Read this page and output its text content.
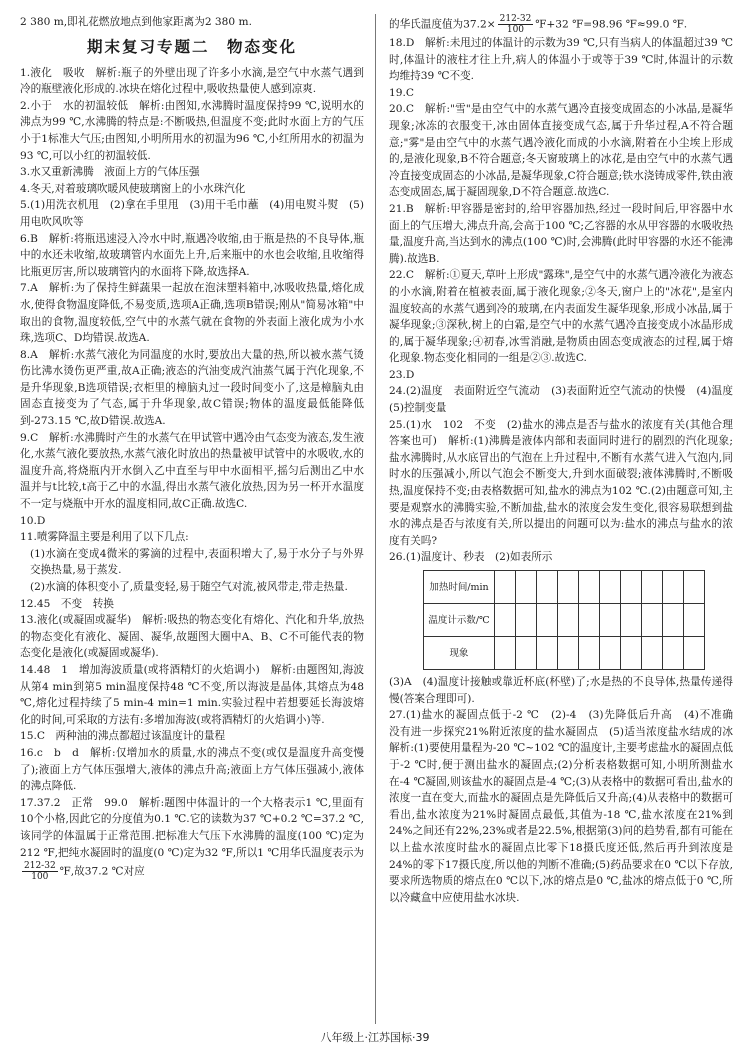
2 380 m,即礼花燃放地点到他家距离为2 380 m.

期末复习专题二　物态变化

1.液化　吸收　解析:瓶子的外壁出现了许多小水滴,是空气中水蒸气遇到冷的瓶壁液化形成的.冰块在熔化过程中,吸收热量使人感到凉爽.

2.小于　水的初温较低　解析:由图知,水沸腾时温度保持99 ℃,说明水的沸点为99 ℃,水沸腾的特点是:不断吸热,但温度不变;此时水面上方的气压小于1标准大气压;由图知,小明所用水的初温为96 ℃,小红所用水的初温为93 ℃,可以小红的初温较低.

3.水又重新沸腾　液面上方的气体压强

4.冬天,对着玻璃吹暖风使玻璃窗上的小水珠汽化

5.(1)用洗衣机甩　(2)拿在手里甩　(3)用干毛巾蘸　(4)用电熨斗熨　(5)用电吹风吹等

6.B　解析:将瓶迅速浸入冷水中时,瓶遇冷收缩,由于瓶是热的不良导体,瓶中的水还未收缩,故玻璃管内水面先上升,后来瓶中的水也会收缩,且收缩得比瓶更厉害,所以玻璃管内的水面将下降,故选择A.

7.A　解析:为了保持生鲜蔬果一起放在泡沫塑料箱中,冰吸收热量,熔化成水,使得食物温度降低,不易变质,选项A正确,选项B错误;刚从"简易冰箱"中取出的食物,温度较低,空气中的水蒸气就在食物的外表面上液化成为小水珠,选项C、D均错误.故选A.

8.A　解析:水蒸气液化为同温度的水时,要放出大量的热,所以被水蒸气烫伤比沸水烫伤更严重,故A正确;液态的汽油变成汽油蒸气属于汽化现象,不是升华现象,B选项错误;衣柜里的樟脑丸过一段时间变小了,这是樟脑丸由固态直接变为了气态,属于升华现象,故C错误;物体的温度最低能降低到-273.15 ℃,故D错误.故选A.

9.C　解析:水沸腾时产生的水蒸气在甲试管中遇冷由气态变为液态,发生液化,水蒸气液化要放热,水蒸气液化时放出的热量被甲试管中的水吸收,水的温度升高,将烧瓶内开水倒入乙中直至与甲中水面相平,摇匀后测出乙中水温并与t比较,t高于乙中的水温,得出水蒸气液化放热,因为另一杯开水温度不一定与烧瓶中开水的温度相同,故C正确.故选C.

10.D

11.喷雾降温主要是利用了以下几点:

(1)水滴在变成4微米的雾滴的过程中,表面积增大了,易于水分子与外界交换热量,易于蒸发.

(2)水滴的体积变小了,质量变轻,易于随空气对流,被风带走,带走热量.

12.45　不变　转换

13.液化(或凝固或凝华)　解析:吸热的物态变化有熔化、汽化和升华,放热的物态变化有液化、凝固、凝华,故题图大圈中A、B、C不可能代表的物态变化是液化(或凝固或凝华).

14.48　1　增加海波质量(或将酒精灯的火焰调小)　解析:由题图知,海波从第4 min到第5 min温度保持48 ℃不变,所以海波是晶体,其熔点为48 ℃,熔化过程持续了5 min-4 min=1 min.实验过程中若想要延长海波熔化的时间,可采取的方法有:多增加海波(或将酒精灯的火焰调小)等.

15.C　两种油的沸点都超过该温度计的量程

16.c　b　d　解析:仅增加水的质量,水的沸点不变(或仅是温度升高变慢了);液面上方气体压强增大,液体的沸点升高;液面上方气体压强减小,液体的沸点降低.

17.37.2　正常　99.0　解析:题图中体温计的一个大格表示1 ℃,里面有10个小格,因此它的分度值为0.1 ℃.它的读数为37 ℃+0.2 ℃=37.2 ℃,该同学的体温属于正常范围.把标准大气压下水沸腾的温度(100 ℃)定为212 ℉,把纯水凝固时的温度(0 ℃)定为32 ℉,所以1 ℃用华氏温度表示为
$\frac{212-32}{100}$ ℉,故37.2 ℃对应

的华氏温度值为$37.2\times \frac{212-32}{100}$ ℉+32 ℉=98.96 ℉≈99.0 ℉.

18.D　解析:未甩过的体温计的示数为39 ℃,只有当病人的体温超过39 ℃时,体温计的液柱才往上升,病人的体温小于或等于39 ℃时,体温计的示数均维持39 ℃不变.

19.C

20.C　解析:"雪"是由空气中的水蒸气遇冷直接变成固态的小冰晶,是凝华现象;冰冻的衣服变干,冰由固体直接变成气态,属于升华过程,A不符合题意;"雾"是由空气中的水蒸气遇冷液化而成的小水滴,附着在小尘埃上形成的,是液化现象,B不符合题意;冬天窗玻璃上的冰花,是由空气中的水蒸气遇冷直接变成固态的小冰晶,是凝华现象,C符合题意;铁水浇铸成零件,铁由液态变成固态,属于凝固现象,D不符合题意.故选C.

21.B　解析:甲容器是密封的,给甲容器加热,经过一段时间后,甲容器中水面上的气压增大,沸点升高,会高于100 ℃;乙容器的水从甲容器的水吸收热量,温度升高,当达到水的沸点(100 ℃)时,会沸腾(此时甲容器的水还不能沸腾).故选B.

22.C　解析:①夏天,草叶上形成"露珠",是空气中的水蒸气遇冷液化为液态的小水滴,附着在植被表面,属于液化现象;②冬天,窗户上的"冰花",是室内温度较高的水蒸气遇到冷的玻璃,在内表面发生凝华现象,形成小冰晶,属于凝华现象;③深秋,树上的白霜,是空气中的水蒸气遇冷直接变成小冰晶形成的,属于凝华现象;④初春,冰雪消融,是物质由固态变成液态的过程,属于熔化现象.物态变化相同的一组是②③.故选C.

23.D

24.(2)温度　表面附近空气流动　(3)表面附近空气流动的快慢　(4)温度　(5)控制变量

25.(1)水　102　不变　(2)盐水的沸点是否与盐水的浓度有关(其他合理答案也可)　解析:(1)沸腾是液体内部和表面同时进行的剧烈的汽化现象;盐水沸腾时,从水底冒出的气泡在上升过程中,不断有水蒸气进入气泡内,同时水的压强减小,所以气泡会不断变大,升到水面破裂;液体沸腾时,不断吸热,温度保持不变;由表格数据可知,盐水的沸点为102 ℃.(2)由题意可知,主要是观察水的沸腾实验,不断加盐,盐水的浓度会发生变化,很容易联想到盐水的沸点是否与浓度有关,所以提出的问题可以为:盐水的沸点与盐水的浓度有关吗?

26.(1)温度计、秒表　(2)如表所示

加热时间/min										
温度计示数/℃										
现象										

(3)A　(4)温度计接触或靠近杯底(杯壁)了;水是热的不良导体,热量传递得慢(答案合理即可).

27.(1)盐水的凝固点低于-2 ℃　(2)-4　(3)先降低后升高　(4)不准确　没有进一步探究21%附近浓度的盐水凝固点　(5)适当浓度盐水结成的冰　解析:(1)要使用量程为-20 ℃~102 ℃的温度计,主要考虑盐水的凝固点低于-2 ℃时,便于测出盐水的凝固点;(2)分析表格数据可知,小明所测盐水在-4 ℃凝固,则该盐水的凝固点是-4 ℃;(3)从表格中的数据可看出,盐水的浓度一直在变大,而盐水的凝固点是先降低后又升高;(4)从表格中的数据可看出,盐水浓度为21%时凝固点最低,其值为-18 ℃,盐水浓度在21%到24%之间还有22%,23%或者是22.5%,根据第(3)问的趋势看,都有可能在以上盐水浓度时盐水的凝固点比零下18摄氏度还低,然后再升到浓度是24%的零下17摄氏度,所以他的判断不准确;(5)药品要求在0 ℃以下存放,要求所选物质的熔点在0 ℃以下,冰的熔点是0 ℃,盐冰的熔点低于0 ℃,所以冷藏盒中应使用盐水冰块.

八年级上·江苏国标·39
